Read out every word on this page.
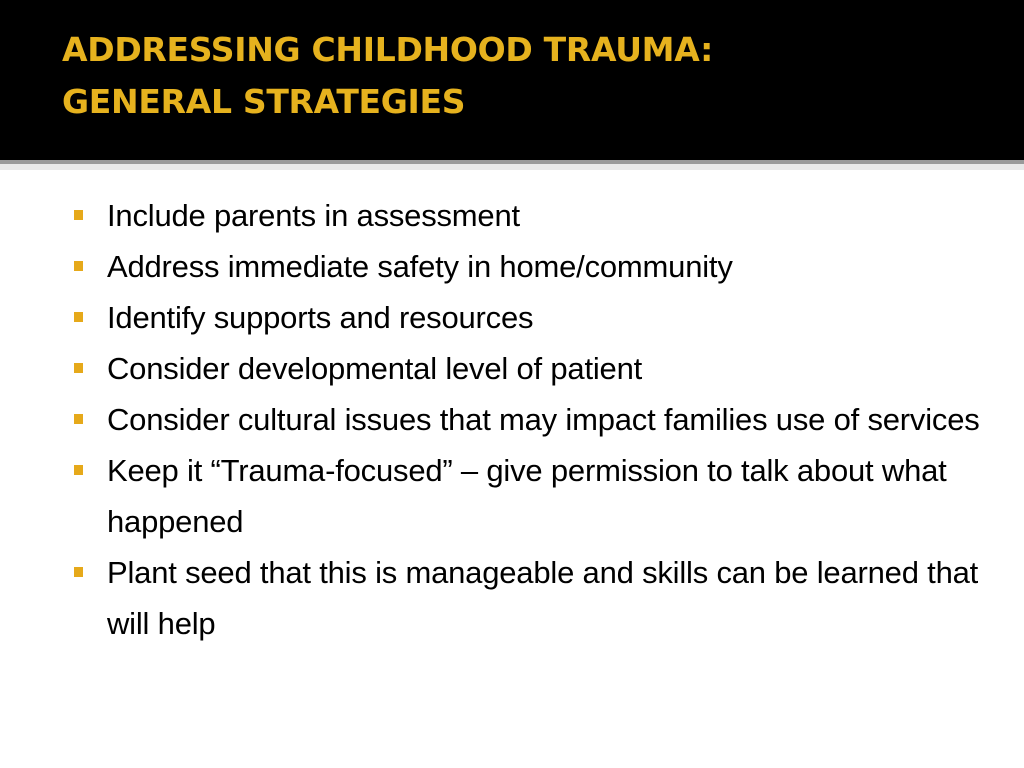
ADDRESSING CHILDHOOD TRAUMA:
GENERAL STRATEGIES
Include parents in assessment
Address immediate safety in home/community
Identify supports and resources
Consider developmental level of patient
Consider cultural issues that may impact families use of services
Keep it “Trauma-focused” – give permission to talk about what happened
Plant seed that this is manageable and skills can be learned that will help
